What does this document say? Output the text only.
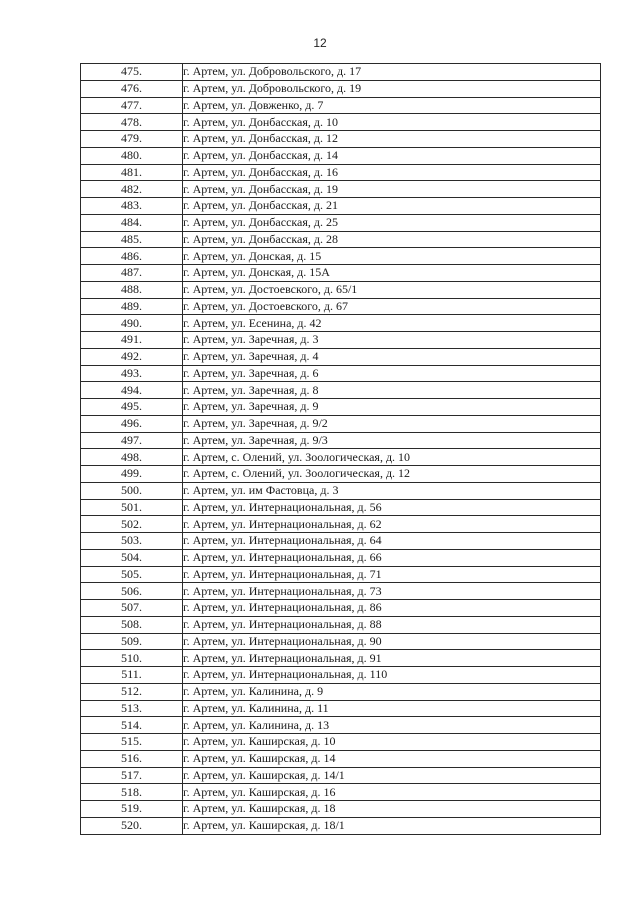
12
475.	г. Артем, ул. Добровольского, д. 17
476.	г. Артем, ул. Добровольского, д. 19
477.	г. Артем, ул. Довженко, д. 7
478.	г. Артем, ул. Донбасская, д. 10
479.	г. Артем, ул. Донбасская, д. 12
480.	г. Артем, ул. Донбасская, д. 14
481.	г. Артем, ул. Донбасская, д. 16
482.	г. Артем, ул. Донбасская, д. 19
483.	г. Артем, ул. Донбасская, д. 21
484.	г. Артем, ул. Донбасская, д. 25
485.	г. Артем, ул. Донбасская, д. 28
486.	г. Артем, ул. Донская, д. 15
487.	г. Артем, ул. Донская, д. 15А
488.	г. Артем, ул. Достоевского, д. 65/1
489.	г. Артем, ул. Достоевского, д. 67
490.	г. Артем, ул. Есенина, д. 42
491.	г. Артем, ул. Заречная, д. 3
492.	г. Артем, ул. Заречная, д. 4
493.	г. Артем, ул. Заречная, д. 6
494.	г. Артем, ул. Заречная, д. 8
495.	г. Артем, ул. Заречная, д. 9
496.	г. Артем, ул. Заречная, д. 9/2
497.	г. Артем, ул. Заречная, д. 9/3
498.	г. Артем, с. Олений, ул. Зоологическая, д. 10
499.	г. Артем, с. Олений, ул. Зоологическая, д. 12
500.	г. Артем, ул. им Фастовца, д. 3
501.	г. Артем, ул. Интернациональная, д. 56
502.	г. Артем, ул. Интернациональная, д. 62
503.	г. Артем, ул. Интернациональная, д. 64
504.	г. Артем, ул. Интернациональная, д. 66
505.	г. Артем, ул. Интернациональная, д. 71
506.	г. Артем, ул. Интернациональная, д. 73
507.	г. Артем, ул. Интернациональная, д. 86
508.	г. Артем, ул. Интернациональная, д. 88
509.	г. Артем, ул. Интернациональная, д. 90
510.	г. Артем, ул. Интернациональная, д. 91
511.	г. Артем, ул. Интернациональная, д. 110
512.	г. Артем, ул. Калинина, д. 9
513.	г. Артем, ул. Калинина, д. 11
514.	г. Артем, ул. Калинина, д. 13
515.	г. Артем, ул. Каширская, д. 10
516.	г. Артем, ул. Каширская, д. 14
517.	г. Артем, ул. Каширская, д. 14/1
518.	г. Артем, ул. Каширская, д. 16
519.	г. Артем, ул. Каширская, д. 18
520.	г. Артем, ул. Каширская, д. 18/1
